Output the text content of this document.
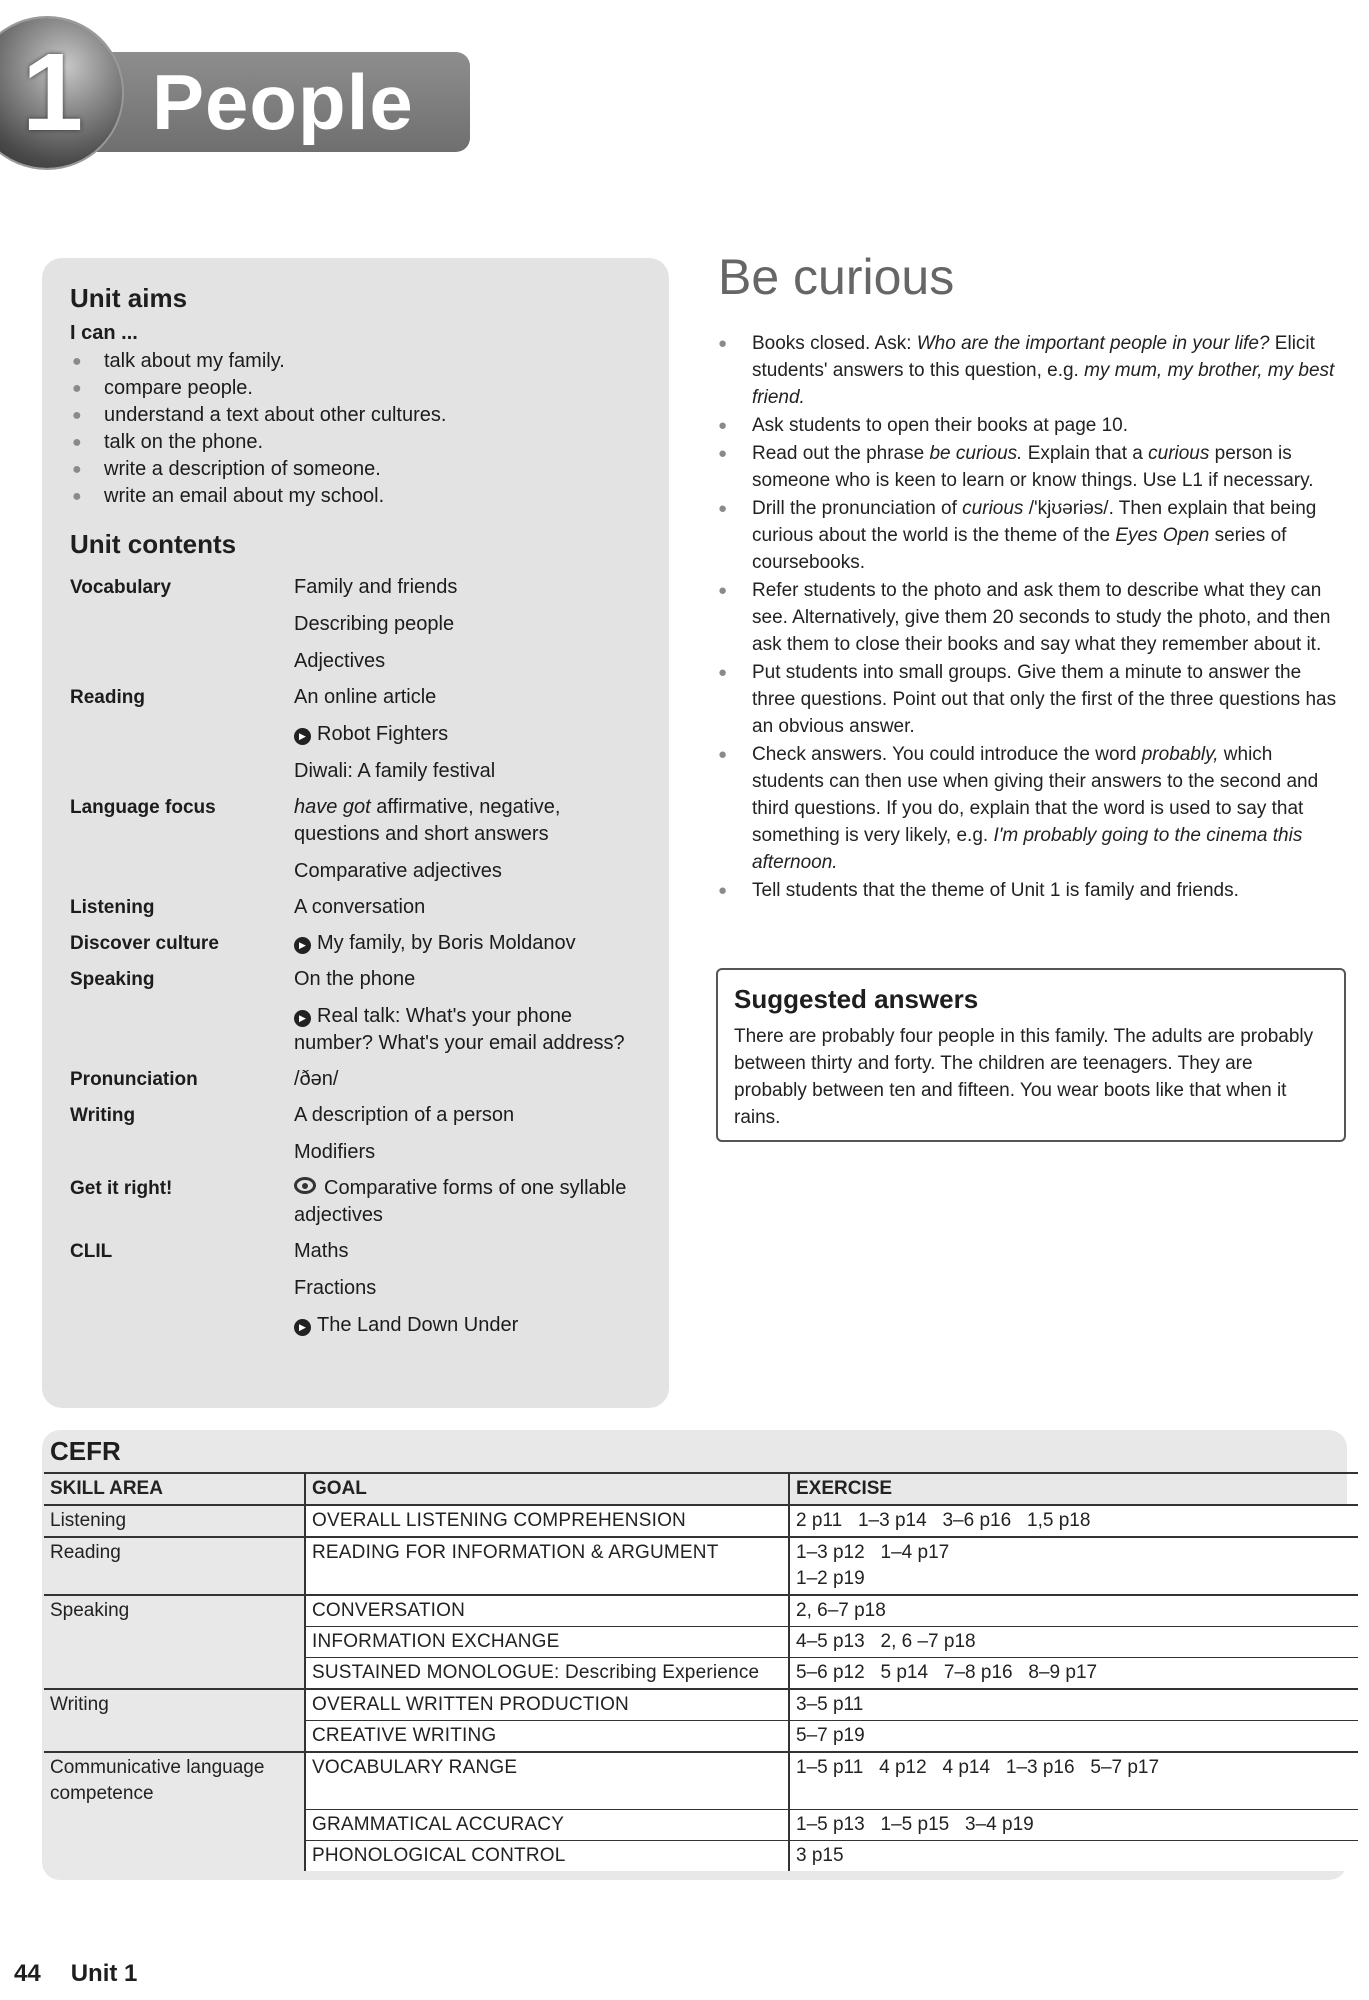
1 People
Unit aims
I can ...
● talk about my family.
● compare people.
● understand a text about other cultures.
● talk on the phone.
● write a description of someone.
● write an email about my school.
Unit contents
Vocabulary	Family and friends
Describing people
Adjectives
Reading	An online article
▶ Robot Fighters
Diwali: A family festival
Language focus	have got affirmative, negative, questions and short answers
Comparative adjectives
Listening	A conversation
Discover culture	▶ My family, by Boris Moldanov
Speaking	On the phone
▶ Real talk: What's your phone number? What's your email address?
Pronunciation	/ðən/
Writing	A description of a person
Modifiers
Get it right!	Comparative forms of one syllable adjectives
CLIL	Maths
Fractions
▶ The Land Down Under
Be curious
● Books closed. Ask: Who are the important people in your life? Elicit students' answers to this question, e.g. my mum, my brother, my best friend.
● Ask students to open their books at page 10.
● Read out the phrase be curious. Explain that a curious person is someone who is keen to learn or know things. Use L1 if necessary.
● Drill the pronunciation of curious /'kjʊəriəs/. Then explain that being curious about the world is the theme of the Eyes Open series of coursebooks.
● Refer students to the photo and ask them to describe what they can see. Alternatively, give them 20 seconds to study the photo, and then ask them to close their books and say what they remember about it.
● Put students into small groups. Give them a minute to answer the three questions. Point out that only the first of the three questions has an obvious answer.
● Check answers. You could introduce the word probably, which students can then use when giving their answers to the second and third questions. If you do, explain that the word is used to say that something is very likely, e.g. I'm probably going to the cinema this afternoon.
● Tell students that the theme of Unit 1 is family and friends.
Suggested answers
There are probably four people in this family. The adults are probably between thirty and forty. The children are teenagers. They are probably between ten and fifteen. You wear boots like that when it rains.
CEFR
SKILL AREA	GOAL	EXERCISE
Listening	OVERALL LISTENING COMPREHENSION	2 p11   1–3 p14   3–6 p16   1,5 p18
Reading	READING FOR INFORMATION & ARGUMENT	1–3 p12   1–4 p17
1–2 p19

Speaking	CONVERSATION	2, 6–7 p18
	INFORMATION EXCHANGE	4–5 p13   2, 6 –7 p18
	SUSTAINED MONOLOGUE: Describing Experience	5–6 p12   5 p14   7–8 p16   8–9 p17
Writing	OVERALL WRITTEN PRODUCTION	3–5 p11
	CREATIVE WRITING	5–7 p19
Communicative language competence	VOCABULARY RANGE	1–5 p11   4 p12   4 p14   1–3 p16   5–7 p17
	GRAMMATICAL ACCURACY	1–5 p13   1–5 p15   3–4 p19
	PHONOLOGICAL CONTROL	3 p15
44 Unit 1
